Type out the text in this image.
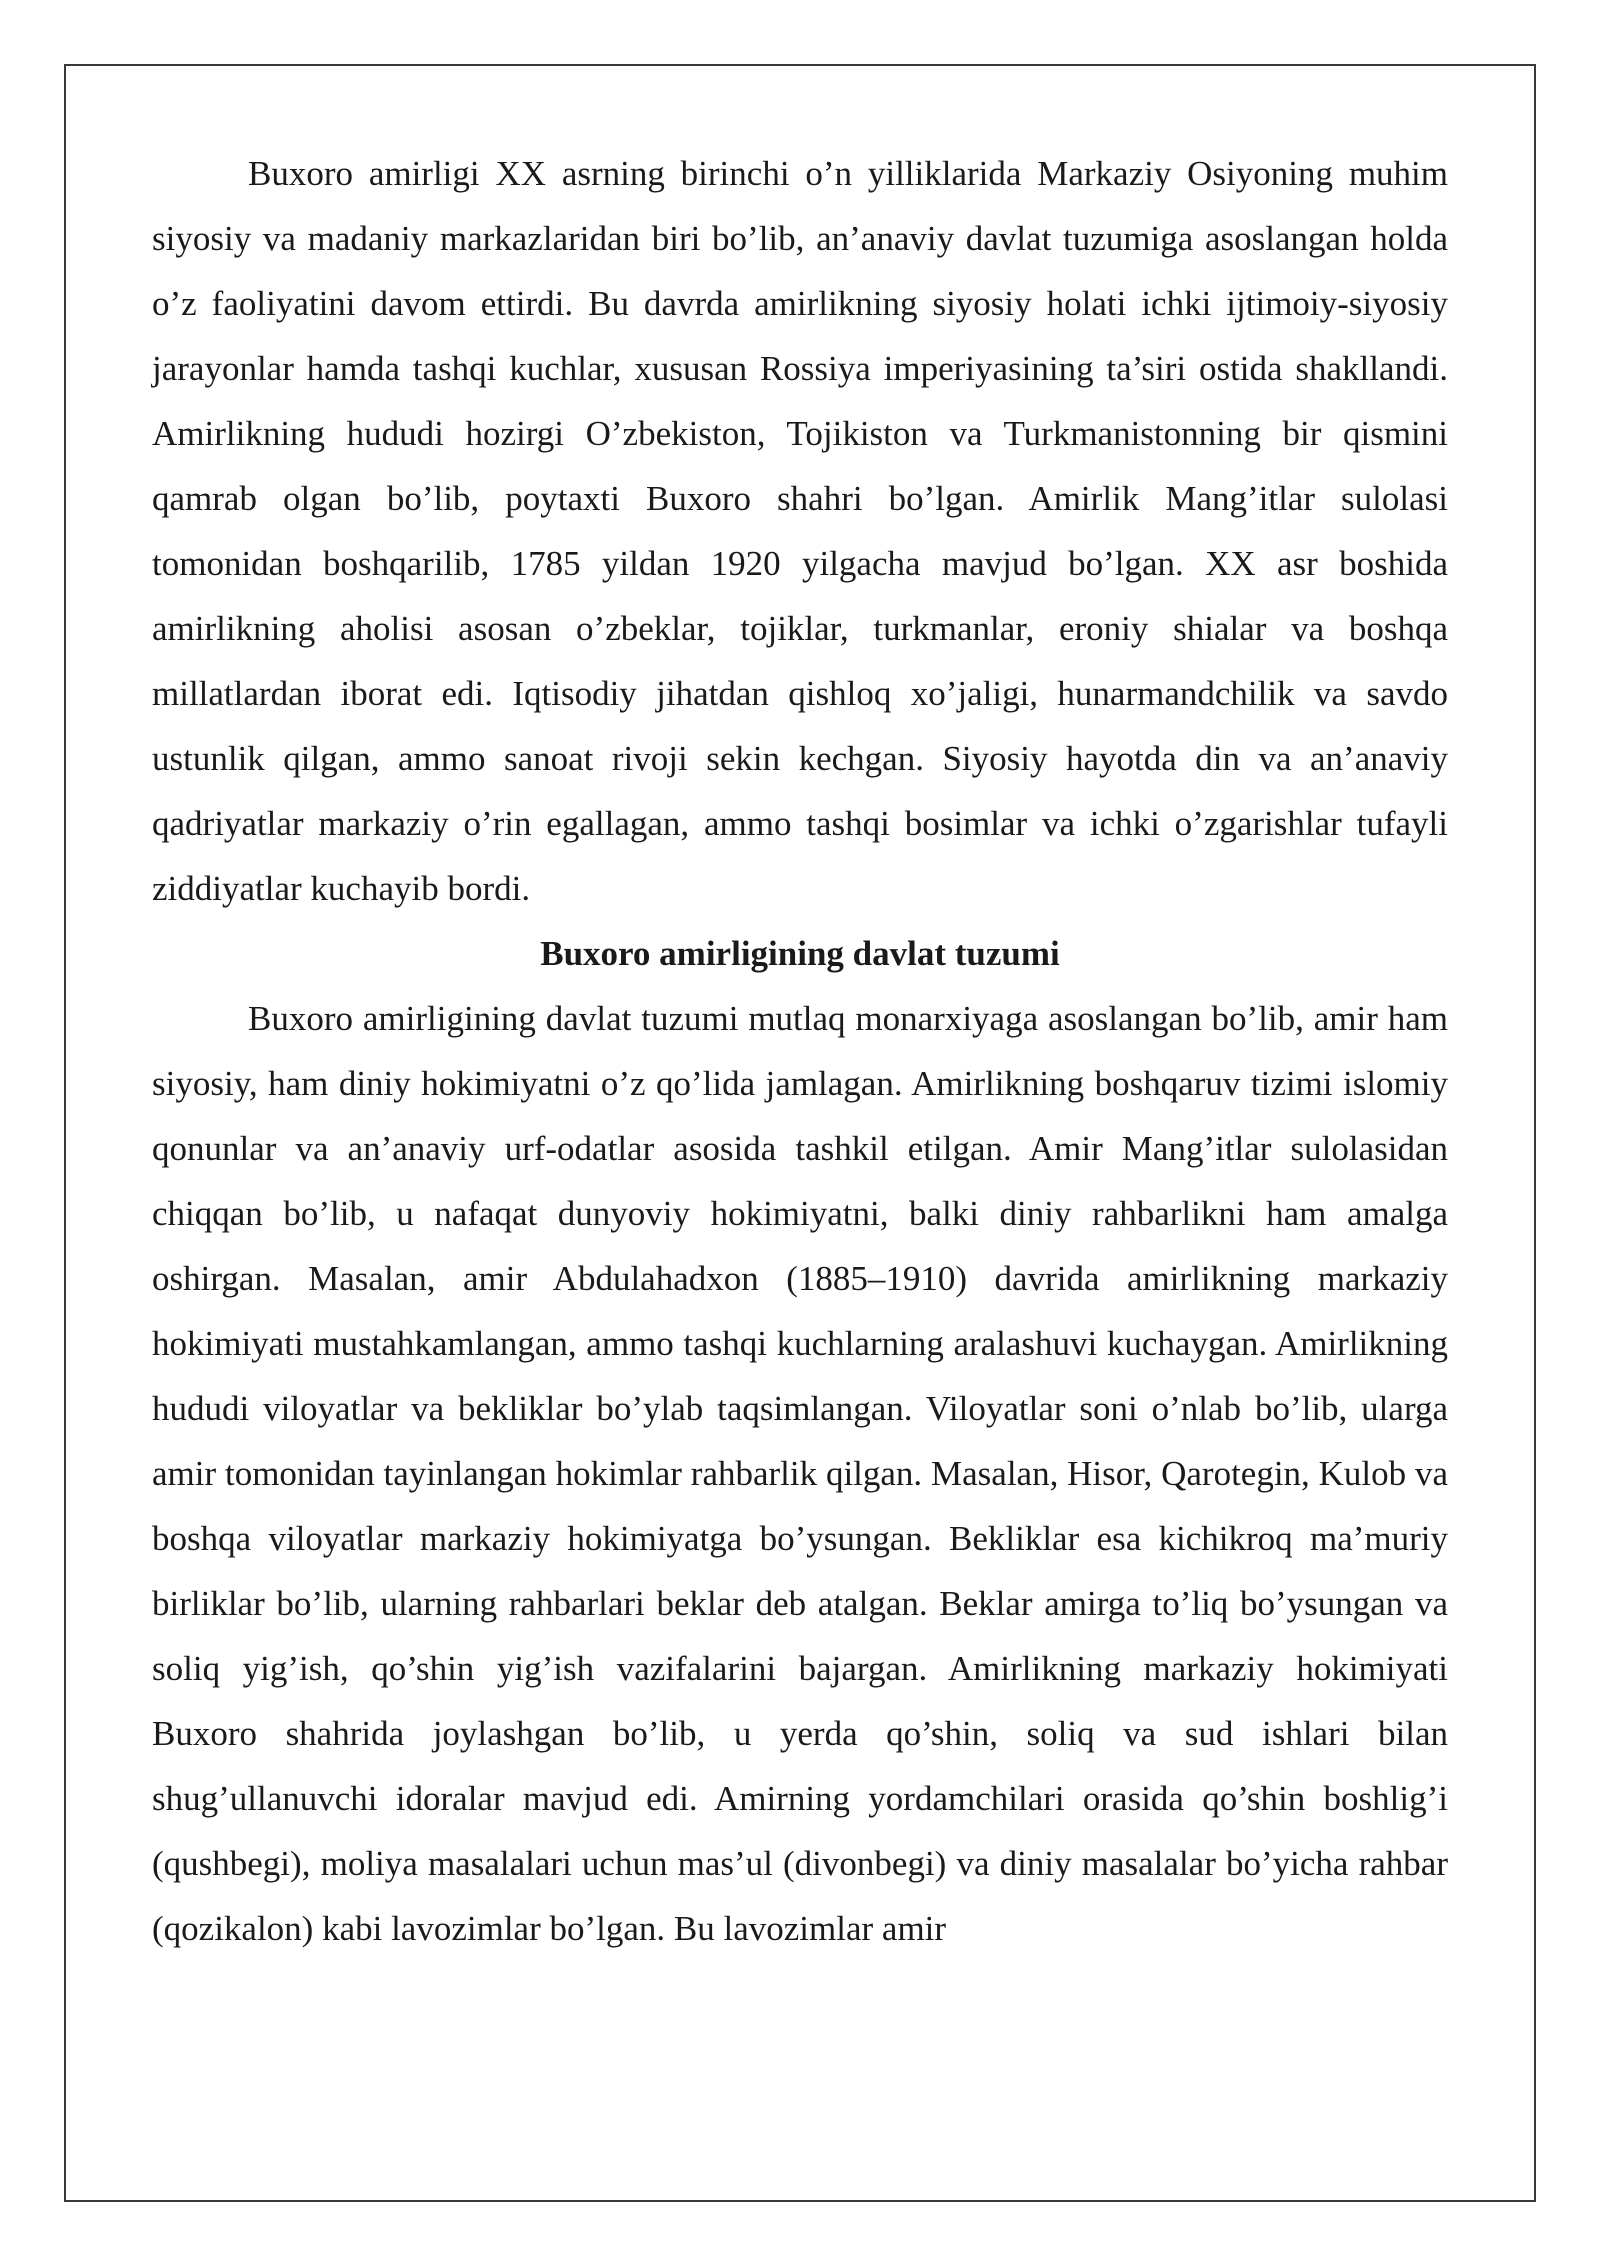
Buxoro amirligi XX asrning birinchi o’n yilliklarida Markaziy Osiyoning muhim siyosiy va madaniy markazlaridan biri bo’lib, an’anaviy davlat tuzumiga asoslangan holda o’z faoliyatini davom ettirdi. Bu davrda amirlikning siyosiy holati ichki ijtimoiy-siyosiy jarayonlar hamda tashqi kuchlar, xususan Rossiya imperiyasining ta’siri ostida shakllandi. Amirlikning hududi hozirgi O’zbekiston, Tojikiston va Turkmanistonning bir qismini qamrab olgan bo’lib, poytaxti Buxoro shahri bo’lgan. Amirlik Mang’itlar sulolasi tomonidan boshqarilib, 1785 yildan 1920 yilgacha mavjud bo’lgan. XX asr boshida amirlikning aholisi asosan o’zbeklar, tojiklar, turkmanlar, eroniy shialar va boshqa millatlardan iborat edi. Iqtisodiy jihatdan qishloq xo’jaligi, hunarmandchilik va savdo ustunlik qilgan, ammo sanoat rivoji sekin kechgan. Siyosiy hayotda din va an’anaviy qadriyatlar markaziy o’rin egallagan, ammo tashqi bosimlar va ichki o’zgarishlar tufayli ziddiyatlar kuchayib bordi.

Buxoro amirligining davlat tuzumi

Buxoro amirligining davlat tuzumi mutlaq monarxiyaga asoslangan bo’lib, amir ham siyosiy, ham diniy hokimiyatni o’z qo’lida jamlagan. Amirlikning boshqaruv tizimi islomiy qonunlar va an’anaviy urf-odatlar asosida tashkil etilgan. Amir Mang’itlar sulolasidan chiqqan bo’lib, u nafaqat dunyoviy hokimiyatni, balki diniy rahbarlikni ham amalga oshirgan. Masalan, amir Abdulahadxon (1885–1910) davrida amirlikning markaziy hokimiyati mustahkamlangan, ammo tashqi kuchlarning aralashuvi kuchaygan. Amirlikning hududi viloyatlar va bekliklar bo’ylab taqsimlangan. Viloyatlar soni o’nlab bo’lib, ularga amir tomonidan tayinlangan hokimlar rahbarlik qilgan. Masalan, Hisor, Qarotegin, Kulob va boshqa viloyatlar markaziy hokimiyatga bo’ysungan. Bekliklar esa kichikroq ma’muriy birliklar bo’lib, ularning rahbarlari beklar deb atalgan. Beklar amirga to’liq bo’ysungan va soliq yig’ish, qo’shin yig’ish vazifalarini bajargan. Amirlikning markaziy hokimiyati Buxoro shahrida joylashgan bo’lib, u yerda qo’shin, soliq va sud ishlari bilan shug’ullanuvchi idoralar mavjud edi. Amirning yordamchilari orasida qo’shin boshlig’i (qushbegi), moliya masalalari uchun mas’ul (divonbegi) va diniy masalalar bo’yicha rahbar (qozikalon) kabi lavozimlar bo’lgan. Bu lavozimlar amir
